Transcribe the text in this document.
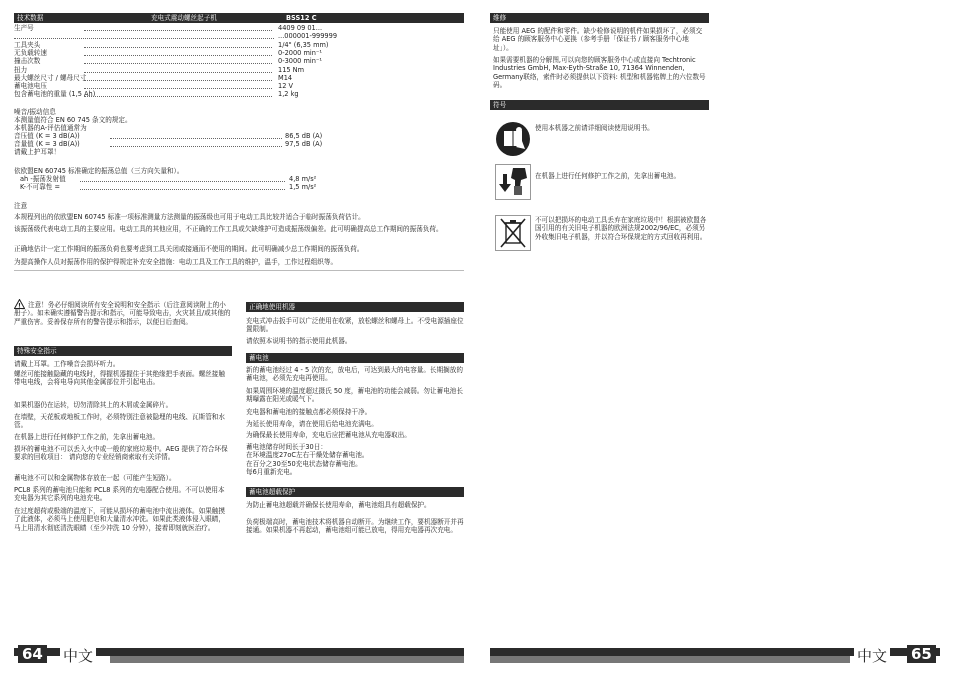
技术数据	充电式震动螺丝起子机	BSS12 C
生产号	4409 09 01...
...000001-999999
工具夹头	1/4" (6,35 mm)
无负载转速	0-2000 min⁻¹
撞击次数	0-3000 min⁻¹
扭力	115 Nm
最大螺丝尺寸 / 螺母尺寸	M14
蓄电池电压	12 V
包含蓄电池的重量 (1,5 Ah)	1,2 kg
噪音/振动信息
本测量值符合 EN 60 745 条文的规定。
本机器的A-评估值通常为
音压值 (K = 3 dB(A))	86,5 dB (A)
音量值 (K = 3 dB(A))	97,5 dB (A)
请戴上护耳罩！
依欧盟EN 60745 标准确定的振荡总值（三方向矢量和）。
ah -振荡发射值	4,8 m/s²
K-不可靠性 =	1,5 m/s²
注意
本规程列出的依欧盟EN 60745 标准一项标准测量方法测量的振荡级也可用于电动工具比较并适合于临时振荡负荷估计。
该振荡级代表电动工具的主要应用。电动工具的其他应用，不正确的工作工具或欠缺维护可造成振荡级偏差。此可明确提高总工作期间的振荡负荷。
正确地估计一定工作期间的振荡负荷也要考虑到工具关闭或接通而不使用的期间。此可明确减少总工作期间的振荡负荷。
为提高操作人员对振荡作用的保护得规定补充安全措施：电动工具及工作工具的维护，温手，工作过程组织等。
!	注意！务必仔细阅读所有安全说明和安全指示（后注意阅读附上的小册子）。如未确实遵循警告提示和指示，可能导致电击，火灾甚且/或其他的严重伤害。妥善保存所有的警告提示和指示，以便日后查阅。
特殊安全指示
请戴上耳罩。工作噪音会损坏听力。
螺丝可能接触隐藏的电线时，得握机器握住于其绝缘把手表面。螺丝接触带电电线，会将电导向其他金属部位并引起电击。
如果机器仍在运转，切勿清除其上的木屑或金属碎片。
在墙壁，天花板或地板工作时，必须特别注意被隐埋的电线、瓦斯管和水管。
在机器上进行任何修护工作之前，先拿出蓄电池。
损坏的蓄电池不可以丢入火中或一般的家庭垃圾中。AEG 提供了符合环保要求的回收项目： 请向您的专业经销商索取有关详情。
蓄电池不可以和金属物体存放在一起（可能产生短路）。
PCL8 系列的蓄电池只能和 PCL8 系列的充电器配合使用。不可以使用本充电器为其它系列的电池充电。
在过度超荷或极端的温度下，可能从损坏的蓄电池中流出液体。如果触摸了此液体，必须马上使用肥皂和大量清水冲洗。如果此类液体侵入眼睛，马上用清水彻底清洗眼睛（至少冲洗 10 分钟），接着即刻就医治疗。
正确地使用机器
充电式冲击扳手可以广泛使用在收紧，放松螺丝和螺母上。不受电源插座位置限制。
请依照本说明书的指示使用此机器。
蓄电池
新的蓄电池经过 4 - 5 次的充，放电后，可达到最大的电容量。长期搁放的蓄电池，必须先充电再使用。
如果周围环境的温度超过摄氏 50 度，蓄电池的功能会减弱。勿让蓄电池长期曝露在阳光或暖气下。
充电器和蓄电池的接触点都必须保持干净。
为延长使用寿命，请在使用后给电池充满电。
为确保最长使用寿命，充电后应把蓄电池从充电器取出。
蓄电池储存时间长于30日：
在环境温度27oC左右干燥处储存蓄电池。
在百分之30至50充电状态储存蓄电池。
每6月重新充电。
蓄电池超载保护
为防止蓄电池超载并确保长使用寿命，蓄电池组具有超载保护。
负荷极端高时，蓄电池技术将机器自动断开。为继续工作，要机器断开并再接通。如果机器不再起动，蓄电池组可能已放电，得用充电器再次充电。
64 中文
维修
只能使用 AEG 的配件和零件。缺少检修说明的机件如果损坏了，必须交给 AEG 的顾客服务中心更换（参考手册「保证书 / 顾客服务中心地址」）。
如果需要机器的分解图,可以向您的顾客服务中心或直接向 Techtronic Industries GmbH, Max-Eyth-Straße 10, 71364 Winnenden, Germany联络，索件时必须提供以下资料: 机型和机器铭牌上的六位数号码。
符号
使用本机器之前请详细阅读使用说明书。
在机器上进行任何修护工作之前，先拿出蓄电池。
不可以把损坏的电动工具丢弃在家庭垃圾中！根据被欧盟各国引用的有关旧电子机器的欧洲法规2002/96/EC，必须另外收集旧电子机器，并以符合环保规定的方式回收再利用。
中文 65
